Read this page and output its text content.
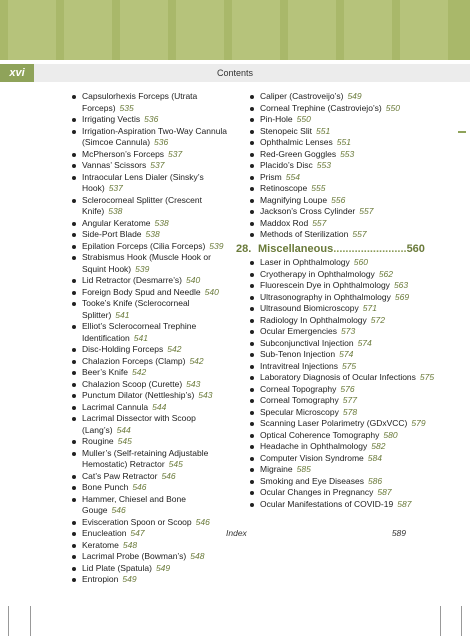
xvi	Contents
Capsulorhexis Forceps (Utrata Forceps) 535
Irrigating Vectis 536
Irrigation-Aspiration Two-Way Cannula (Simcoe Cannula) 536
McPherson’s Forceps 537
Vannas’ Scissors 537
Intraocular Lens Dialer (Sinsky’s Hook) 537
Sclerocorneal Splitter (Crescent Knife) 538
Angular Keratome 538
Side-Port Blade 538
Epilation Forceps (Cilia Forceps) 539
Strabismus Hook (Muscle Hook or Squint Hook) 539
Lid Retractor (Desmarre’s) 540
Foreign Body Spud and Needle 540
Tooke’s Knife (Sclerocorneal Splitter) 541
Elliot’s Sclerocorneal Trephine Identification 541
Disc-Holding Forceps 542
Chalazion Forceps (Clamp) 542
Beer’s Knife 542
Chalazion Scoop (Curette) 543
Punctum Dilator (Nettleship’s) 543
Lacrimal Cannula 544
Lacrimal Dissector with Scoop (Lang’s) 544
Rougine 545
Muller’s (Self-retaining Adjustable Hemostatic) Retractor 545
Cat’s Paw Retractor 546
Bone Punch 546
Hammer, Chiesel and Bone Gouge 546
Evisceration Spoon or Scoop 546
Enucleation 547
Keratome 548
Lacrimal Probe (Bowman’s) 548
Lid Plate (Spatula) 549
Entropion 549
Caliper (Castroveijo’s) 549
Corneal Trephine (Castroviejo’s) 550
Pin-Hole 550
Stenopeic Slit 551
Ophthalmic Lenses 551
Red-Green Goggles 553
Placido’s Disc 553
Prism 554
Retinoscope 555
Magnifying Loupe 556
Jackson’s Cross Cylinder 557
Maddox Rod 557
Methods of Sterilization 557
28. Miscellaneous........................560
Laser in Ophthalmology 560
Cryotherapy in Ophthalmology 562
Fluorescein Dye in Ophthalmology 563
Ultrasonography in Ophthalmology 569
Ultrasound Biomicroscopy 571
Radiology In Ophthalmology 572
Ocular Emergencies 573
Subconjunctival Injection 574
Sub-Tenon Injection 574
Intravitreal Injections 575
Laboratory Diagnosis of Ocular Infections 575
Corneal Topography 576
Corneal Tomography 577
Specular Microscopy 578
Scanning Laser Polarimetry (GDxVCC) 579
Optical Coherence Tomography 580
Headache in Ophthalmology 582
Computer Vision Syndrome 584
Migraine 585
Smoking and Eye Diseases 586
Ocular Changes in Pregnancy 587
Ocular Manifestations of COVID-19 587
Index	589
